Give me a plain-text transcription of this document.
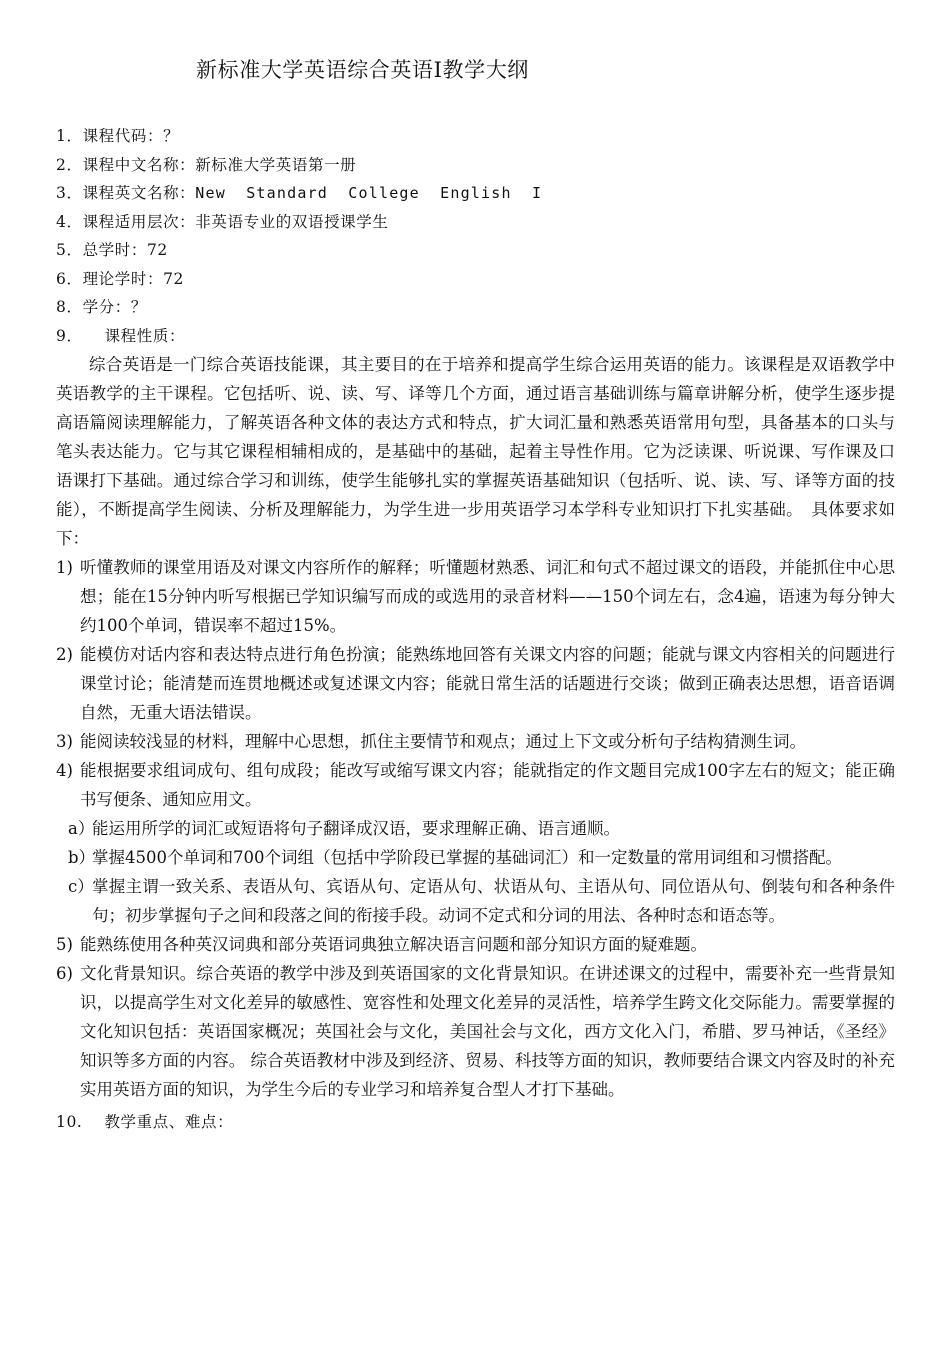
新标准大学英语综合英语Ⅰ教学大纲
1．课程代码：？
2．课程中文名称：新标准大学英语第一册
3．课程英文名称：New Standard College English I
4．课程适用层次：非英语专业的双语授课学生
5．总学时：72
6．理论学时：72
8．学分：？
9． 课程性质：

综合英语是一门综合英语技能课，其主要目的在于培养和提高学生综合运用英语的能力。该课程是双语教学中英语教学的主干课程。它包括听、说、读、写、译等几个方面，通过语言基础训练与篇章讲解分析，使学生逐步提高语篇阅读理解能力，了解英语各种文体的表达方式和特点，扩大词汇量和熟悉英语常用句型，具备基本的口头与笔头表达能力。它与其它课程相辅相成的，是基础中的基础，起着主导性作用。它为泛读课、听说课、写作课及口语课打下基础。通过综合学习和训练，使学生能够扎实的掌握英语基础知识（包括听、说、读、写、译等方面的技能），不断提高学生阅读、分析及理解能力，为学生进一步用英语学习本学科专业知识打下扎实基础。　具体要求如下：

1) 听懂教师的课堂用语及对课文内容所作的解释；听懂题材熟悉、词汇和句式不超过课文的语段，并能抓住中心思想；能在15分钟内听写根据已学知识编写而成的或选用的录音材料——150个词左右，念4遍，语速为每分钟大约100个单词，错误率不超过15%。
2) 能模仿对话内容和表达特点进行角色扮演；能熟练地回答有关课文内容的问题；能就与课文内容相关的问题进行课堂讨论；能清楚而连贯地概述或复述课文内容；能就日常生活的话题进行交谈；做到正确表达思想，语音语调自然，无重大语法错误。
3) 能阅读较浅显的材料，理解中心思想，抓住主要情节和观点；通过上下文或分析句子结构猜测生词。
4) 能根据要求组词成句、组句成段；能改写或缩写课文内容；能就指定的作文题目完成100字左右的短文；能正确书写便条、通知应用文。
a）
能运用所学的词汇或短语将句子翻译成汉语，要求理解正确、语言通顺。
b）
掌握4500个单词和700个词组（包括中学阶段已掌握的基础词汇）和一定数量的常用词组和习惯搭配。
c）
掌握主谓一致关系、表语从句、宾语从句、定语从句、状语从句、主语从句、同位语从句、倒装句和各种条件句；初步掌握句子之间和段落之间的衔接手段。动词不定式和分词的用法、各种时态和语态等。
5) 能熟练使用各种英汉词典和部分英语词典独立解决语言问题和部分知识方面的疑难题。
6) 文化背景知识。综合英语的教学中涉及到英语国家的文化背景知识。在讲述课文的过程中，需要补充一些背景知识，以提高学生对文化差异的敏感性、宽容性和处理文化差异的灵活性，培养学生跨文化交际能力。需要掌握的文化知识包括：英语国家概况；英国社会与文化，美国社会与文化，西方文化入门，希腊、罗马神话，《圣经》知识等多方面的内容。 综合英语教材中涉及到经济、贸易、科技等方面的知识，教师要结合课文内容及时的补充实用英语方面的知识，为学生今后的专业学习和培养复合型人才打下基础。
10. 教学重点、难点：
